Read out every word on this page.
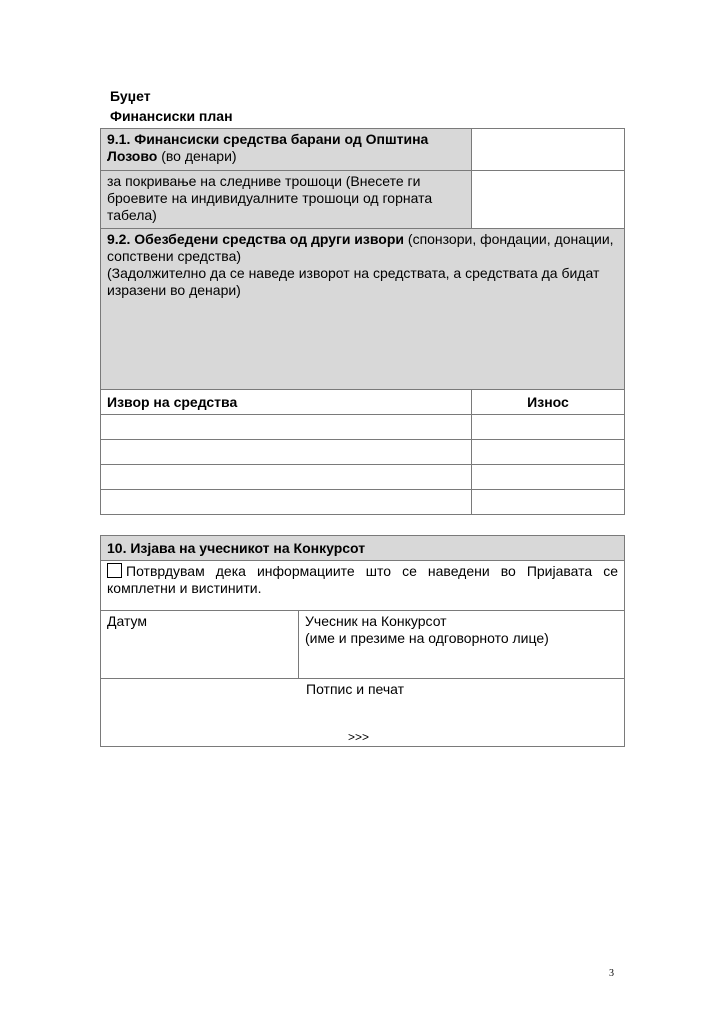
Буџет
Финансиски план
9.1. Финансиски средства барани од Општина Лозово (во денари)	
за покривање на следниве трошоци (Внесете ги броевите на индивидуалните трошоци од горната табела)	

9.2. Обезбедени средства од други извори (спонзори, фондации, донации, сопствени средства)
(Задолжително да се наведе изворот на средствата, а средствата да бидат изразени во денари)	

Извор на средства	Износ

10. Изјава на учесникот на Конкурсот
Потврдувам дека информациите што се наведени во Пријавата се комплетни и вистинити.
Датум	Учесник на Конкурсот
(име и презиме на одговорното лице)

Потпис и печат
>>>
3
